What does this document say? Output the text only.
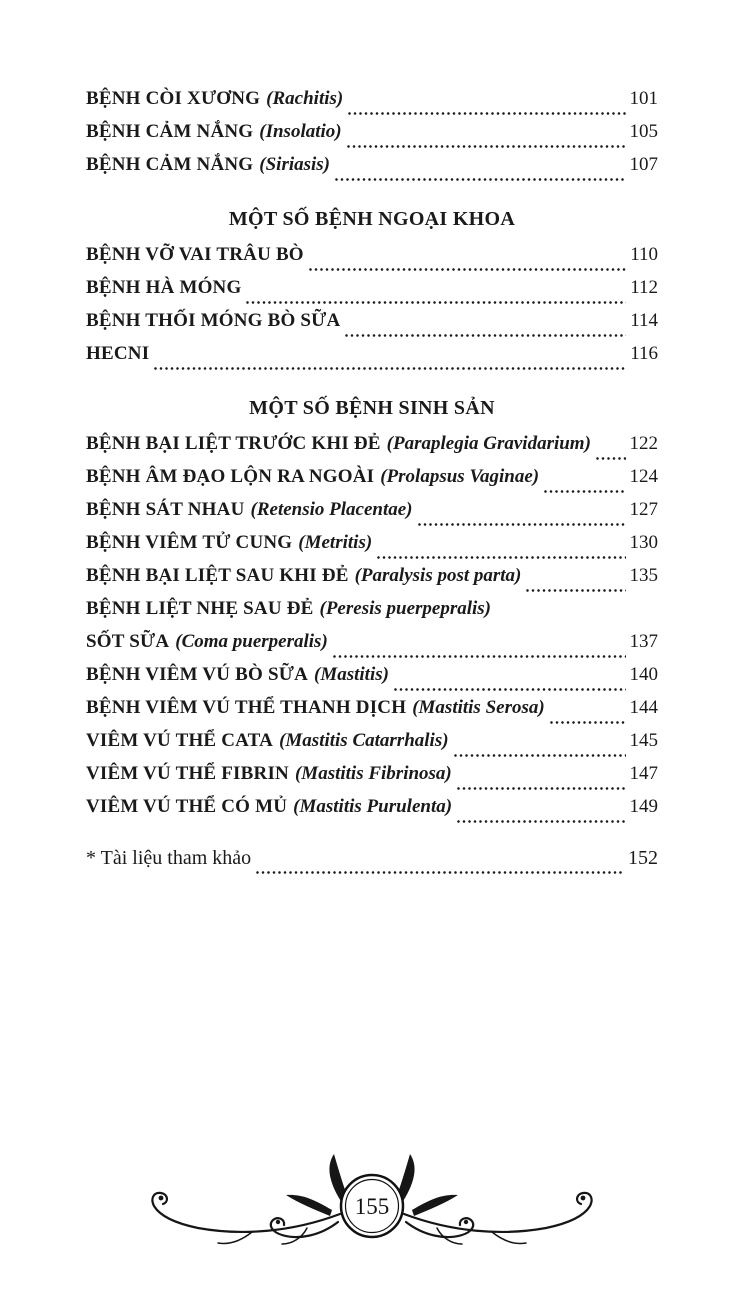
BỆNH CÒI XƯƠNG (Rachitis)	101
BỆNH CẢM NẮNG (Insolatio)	105
BỆNH CẢM NẮNG (Siriasis)	107
MỘT SỐ BỆNH NGOẠI KHOA
BỆNH VỠ VAI TRÂU BÒ	110
BỆNH HÀ MÓNG	112
BỆNH THỐI MÓNG BÒ SỮA	114
HECNI	116
MỘT SỐ BỆNH SINH SẢN
BỆNH BẠI LIỆT TRƯỚC KHI ĐẺ (Paraplegia Gravidarium) 122
BỆNH ÂM ĐẠO LỘN RA NGOÀI (Prolapsus Vaginae)	124
BỆNH SÁT NHAU (Retensio Placentae)	127
BỆNH VIÊM TỬ CUNG (Metritis)	130
BỆNH BẠI LIỆT SAU KHI ĐẺ (Paralysis post parta)	135
BỆNH LIỆT NHẸ SAU ĐẺ (Peresis puerpepralis)
SỐT SỮA (Coma puerperalis)	137
BỆNH VIÊM VÚ BÒ SỮA (Mastitis)	140
BỆNH VIÊM VÚ THỂ THANH DỊCH (Mastitis Serosa)	144
VIÊM VÚ THỂ CATA (Mastitis Catarrhalis)	145
VIÊM VÚ THỂ FIBRIN (Mastitis Fibrinosa)	147
VIÊM VÚ THỂ CÓ MỦ (Mastitis Purulenta)	149
* Tài liệu tham khảo	152
155
